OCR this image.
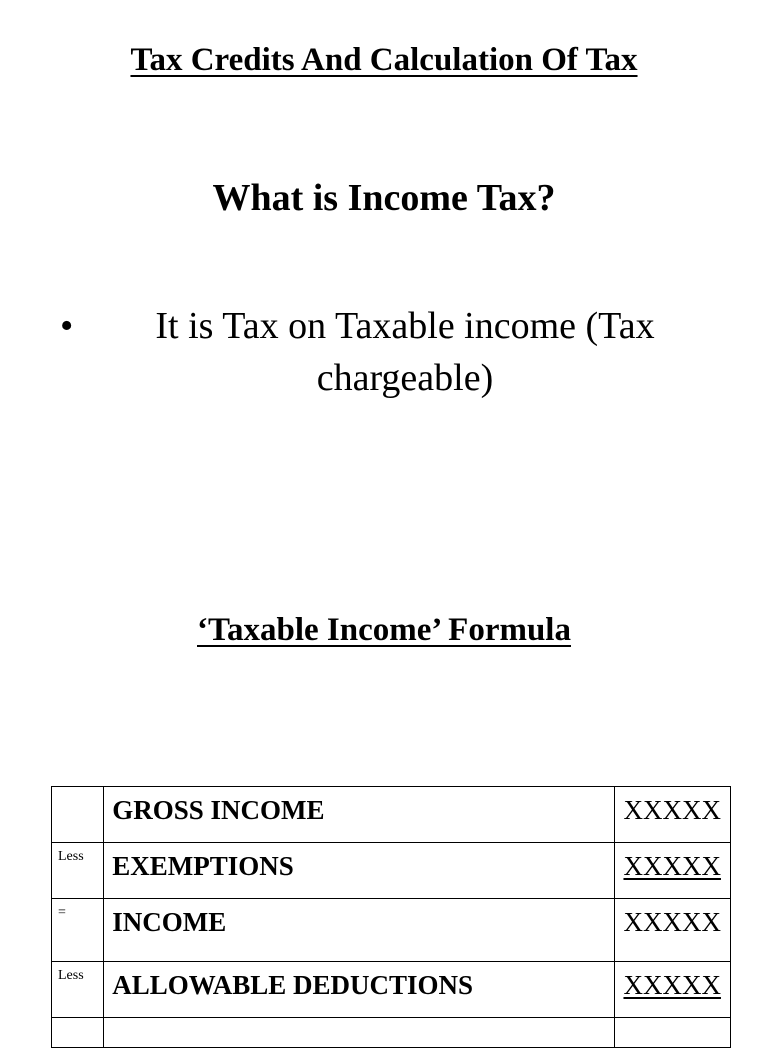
Tax Credits And Calculation Of Tax
What is Income Tax?
•	It is Tax on Taxable income (Tax chargeable)
‘Taxable Income’ Formula
	GROSS INCOME	XXXXX
Less	EXEMPTIONS	XXXXX
=	INCOME	XXXXX
Less	ALLOWABLE DEDUCTIONS	XXXXX
